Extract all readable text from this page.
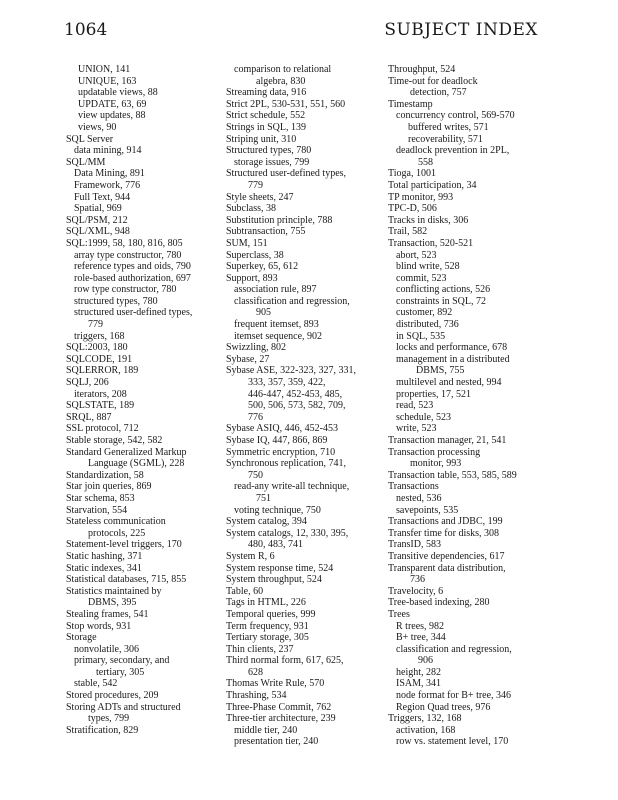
1064	SUBJECT INDEX
UNION, 141
UNIQUE, 163
updatable views, 88
UPDATE, 63, 69
view updates, 88
views, 90
SQL Server
data mining, 914
SQL/MM
Data Mining, 891
Framework, 776
Full Text, 944
Spatial, 969
SQL/PSM, 212
SQL/XML, 948
SQL:1999, 58, 180, 816, 805
array type constructor, 780
reference types and oids, 790
role-based authorization, 697
row type constructor, 780
structured types, 780
structured user-defined types,
779
triggers, 168
SQL:2003, 180
SQLCODE, 191
SQLERROR, 189
SQLJ, 206
iterators, 208
SQLSTATE, 189
SRQL, 887
SSL protocol, 712
Stable storage, 542, 582
Standard Generalized Markup
Language (SGML), 228
Standardization, 58
Star join queries, 869
Star schema, 853
Starvation, 554
Stateless communication
protocols, 225
Statement-level triggers, 170
Static hashing, 371
Static indexes, 341
Statistical databases, 715, 855
Statistics maintained by
DBMS, 395
Stealing frames, 541
Stop words, 931
Storage
nonvolatile, 306
primary, secondary, and
tertiary, 305
stable, 542
Stored procedures, 209
Storing ADTs and structured
types, 799
Stratification, 829
comparison to relational
algebra, 830
Streaming data, 916
Strict 2PL, 530-531, 551, 560
Strict schedule, 552
Strings in SQL, 139
Striping unit, 310
Structured types, 780
storage issues, 799
Structured user-defined types,
779
Style sheets, 247
Subclass, 38
Substitution principle, 788
Subtransaction, 755
SUM, 151
Superclass, 38
Superkey, 65, 612
Support, 893
association rule, 897
classification and regression,
905
frequent itemset, 893
itemset sequence, 902
Swizzling, 802
Sybase, 27
Sybase ASE, 322-323, 327, 331,
333, 357, 359, 422,
446-447, 452-453, 485,
500, 506, 573, 582, 709,
776
Sybase ASIQ, 446, 452-453
Sybase IQ, 447, 866, 869
Symmetric encryption, 710
Synchronous replication, 741,
750
read-any write-all technique,
751
voting technique, 750
System catalog, 394
System catalogs, 12, 330, 395,
480, 483, 741
System R, 6
System response time, 524
System throughput, 524
Table, 60
Tags in HTML, 226
Temporal queries, 999
Term frequency, 931
Tertiary storage, 305
Thin clients, 237
Third normal form, 617, 625,
628
Thomas Write Rule, 570
Thrashing, 534
Three-Phase Commit, 762
Three-tier architecture, 239
middle tier, 240
presentation tier, 240
Throughput, 524
Time-out for deadlock
detection, 757
Timestamp
concurrency control, 569-570
buffered writes, 571
recoverability, 571
deadlock prevention in 2PL,
558
Tioga, 1001
Total participation, 34
TP monitor, 993
TPC-D, 506
Tracks in disks, 306
Trail, 582
Transaction, 520-521
abort, 523
blind write, 528
commit, 523
conflicting actions, 526
constraints in SQL, 72
customer, 892
distributed, 736
in SQL, 535
locks and performance, 678
management in a distributed
DBMS, 755
multilevel and nested, 994
properties, 17, 521
read, 523
schedule, 523
write, 523
Transaction manager, 21, 541
Transaction processing
monitor, 993
Transaction table, 553, 585, 589
Transactions
nested, 536
savepoints, 535
Transactions and JDBC, 199
Transfer time for disks, 308
TransID, 583
Transitive dependencies, 617
Transparent data distribution,
736
Travelocity, 6
Tree-based indexing, 280
Trees
R trees, 982
B+ tree, 344
classification and regression,
906
height, 282
ISAM, 341
node format for B+ tree, 346
Region Quad trees, 976
Triggers, 132, 168
activation, 168
row vs. statement level, 170
